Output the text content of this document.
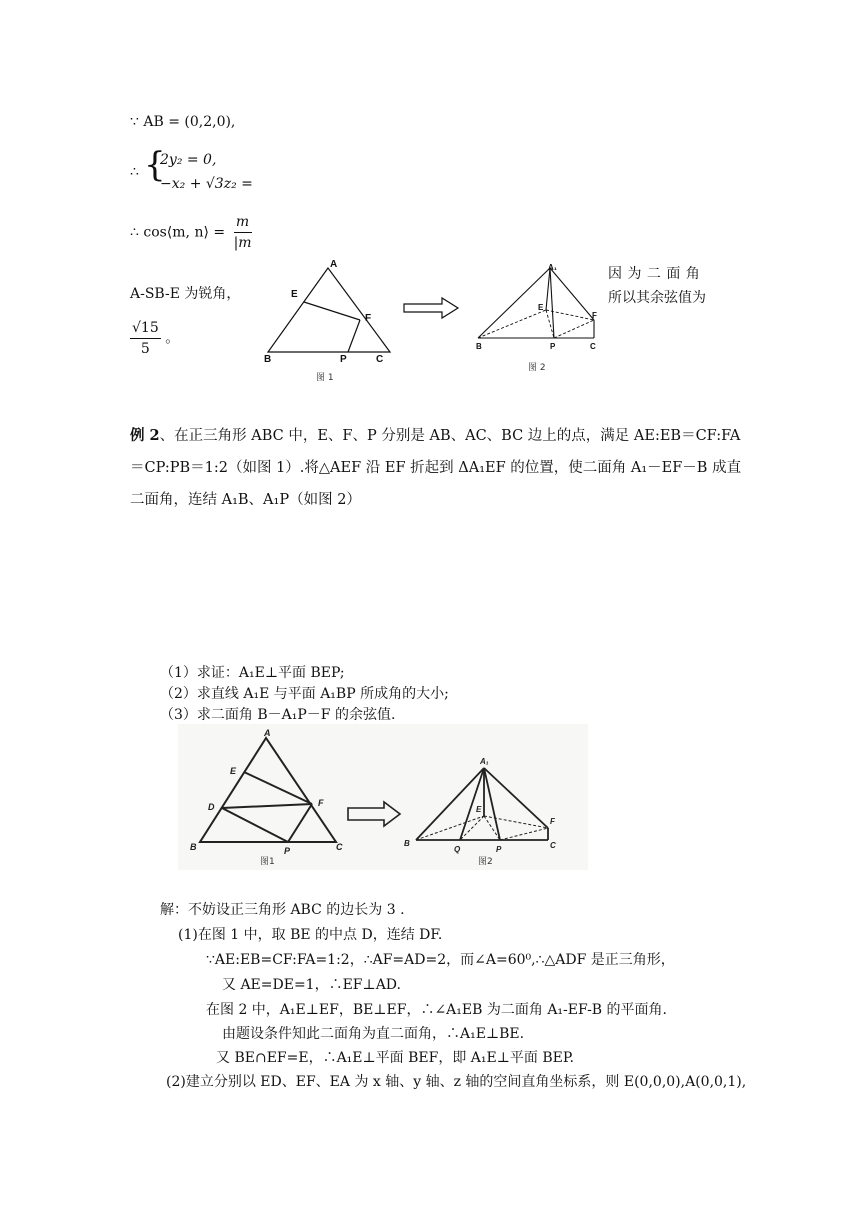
∵ AB = (0,2,0),
∴ {
2y₂ = 0,
−x₂ + √3z₂ =
∴ cos⟨m, n⟩ = $\frac{m}{|m}$
A-SB-E 为锐角，
因 为 二 面 角
所以其余弦值为
$\frac{√15}{5}$ 。
A
E
F
B	P	C
图 1
A₁
E
F
B	P	C
图 2
例 2、在正三角形 ABC 中，E、F、P 分别是 AB、AC、BC 边上的点，满足 AE:EB＝CF:FA
＝CP:PB＝1:2（如图 1）.将△AEF 沿 EF 折起到 ΔA₁EF 的位置，使二面角 A₁－EF－B 成直
二面角，连结 A₁B、A₁P（如图 2）
（1）求证：A₁E⊥平面 BEP;
（2）求直线 A₁E 与平面 A₁BP 所成角的大小;
（3）求二面角 B－A₁P－F 的余弦值.
A
E
D	F
B	P	C
图1
A₁
E
B
Q	P
F
C
图2
解：不妨设正三角形 ABC 的边长为 3 .
(1)在图 1 中，取 BE 的中点 D，连结 DF.
∵AE:EB=CF:FA=1:2，∴AF=AD=2，而∠A=60⁰,∴△ADF 是正三角形，
又 AE=DE=1，∴EF⊥AD.
在图 2 中，A₁E⊥EF，BE⊥EF，∴∠A₁EB 为二面角 A₁-EF-B 的平面角.
由题设条件知此二面角为直二面角，∴A₁E⊥BE.
又 BE∩EF=E，∴A₁E⊥平面 BEF，即 A₁E⊥平面 BEP.
(2)建立分别以 ED、EF、EA 为 x 轴、y 轴、z 轴的空间直角坐标系，则 E(0,0,0),A(0,0,1),
